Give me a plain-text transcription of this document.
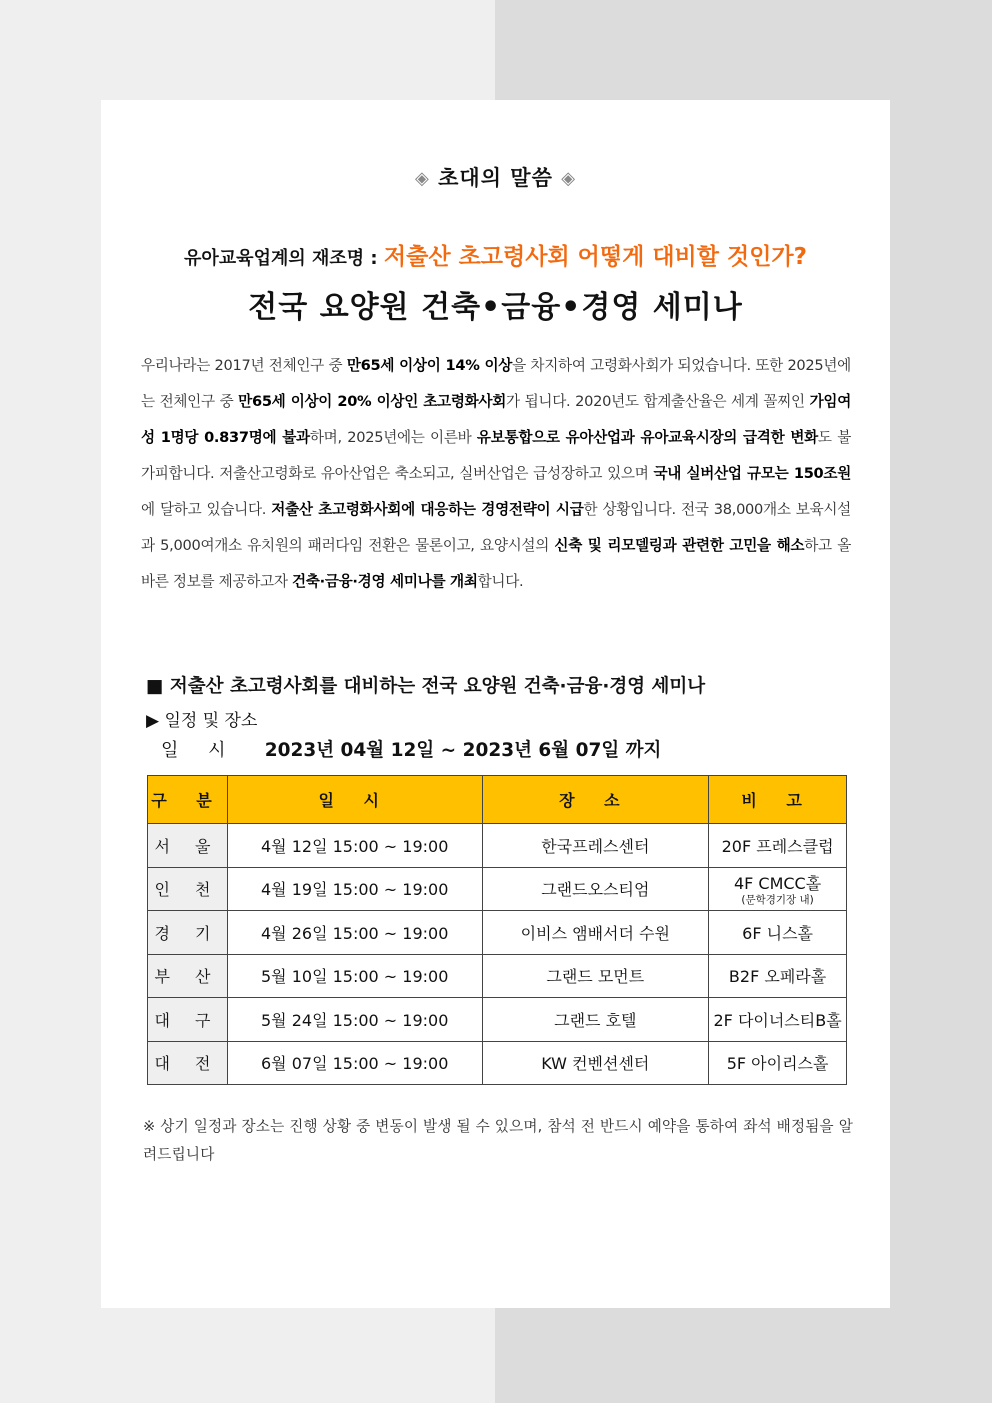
◈ 초대의 말씀 ◈
유아교육업계의 재조명 : 저출산 초고령사회 어떻게 대비할 것인가?
전국 요양원 건축•금융•경영 세미나
우리나라는 2017년 전체인구 중 만65세 이상이 14% 이상을 차지하여 고령화사회가 되었습니다. 또한 2025년에는 전체인구 중 만65세 이상이 20% 이상인 초고령화사회가 됩니다. 2020년도 합계출산율은 세계 꼴찌인 가임여성 1명당 0.837명에 불과하며, 2025년에는 이른바 유보통합으로 유아산업과 유아교육시장의 급격한 변화도 불가피합니다. 저출산고령화로 유아산업은 축소되고, 실버산업은 급성장하고 있으며 국내 실버산업 규모는 150조원에 달하고 있습니다. 저출산 초고령화사회에 대응하는 경영전략이 시급한 상황입니다. 전국 38,000개소 보육시설과 5,000여개소 유치원의 패러다임 전환은 물론이고, 요양시설의 신축 및 리모델링과 관련한 고민을 해소하고 올바른 정보를 제공하고자 건축·금융·경영 세미나를 개최합니다.
■ 저출산 초고령사회를 대비하는 전국 요양원 건축·금융·경영 세미나
▶ 일정 및 장소
일 시 2023년 04월 12일 ~ 2023년 6월 07일 까지
구 분	일 시	장 소	비 고
서 울	4월 12일 15:00 ~ 19:00	한국프레스센터	20F 프레스클럽
인 천	4월 19일 15:00 ~ 19:00	그랜드오스티엄	4F CMCC홀
(문학경기장 내)

경 기	4월 26일 15:00 ~ 19:00	이비스 앰배서더 수원	6F 니스홀
부 산	5월 10일 15:00 ~ 19:00	그랜드 모먼트	B2F 오페라홀
대 구	5월 24일 15:00 ~ 19:00	그랜드 호텔	2F 다이너스티B홀
대 전	6월 07일 15:00 ~ 19:00	KW 컨벤션센터	5F 아이리스홀
※ 상기 일정과 장소는 진행 상황 중 변동이 발생 될 수 있으며, 참석 전 반드시 예약을 통하여 좌석 배정됨을 알려드립니다
